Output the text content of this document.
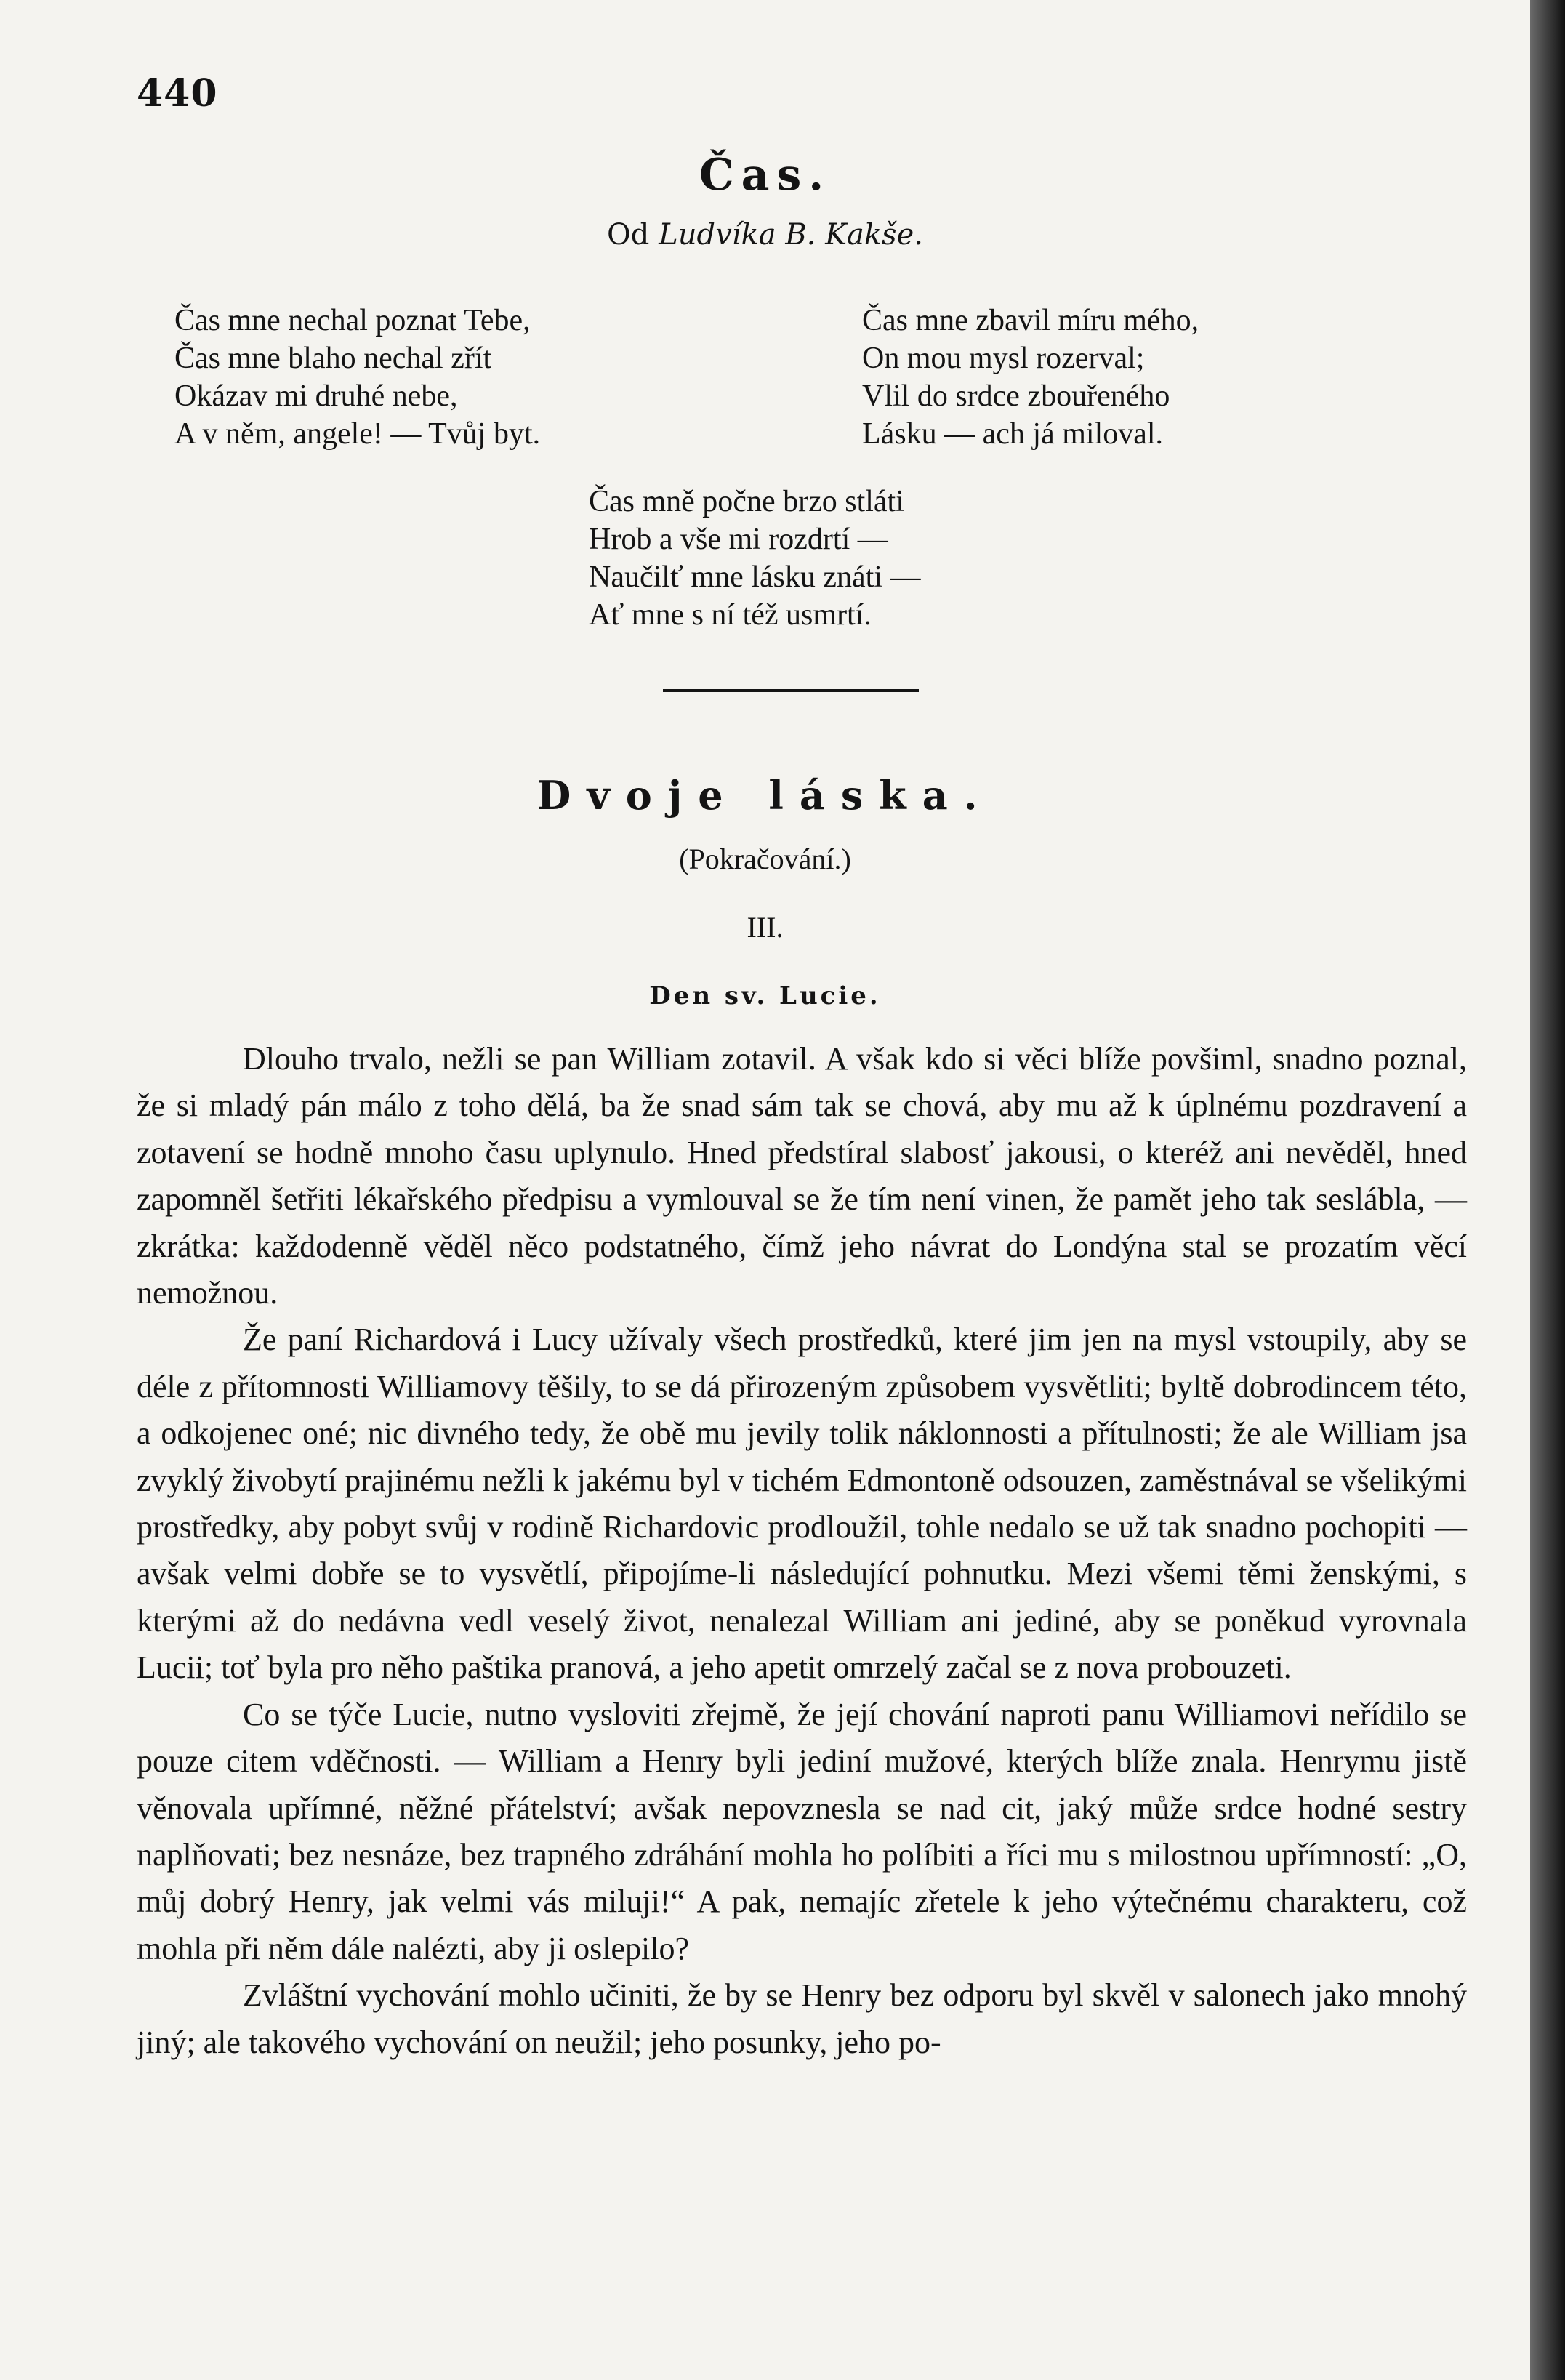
440
Čas.
Od Ludvíka B. Kakše.
Čas mne nechal poznat Tebe,
Čas mne blaho nechal zřít
Okázav mi druhé nebe,
A v něm, angele! — Tvůj byt.
Čas mne zbavil míru mého,
On mou mysl rozerval;
Vlil do srdce zbouřeného
Lásku — ach já miloval.
Čas mně počne brzo stláti
Hrob a vše mi rozdrtí —
Naučilť mne lásku znáti —
Ať mne s ní též usmrtí.
Dvoje láska.
(Pokračování.)
III.
Den sv. Lucie.

Dlouho trvalo, nežli se pan William zotavil. A však kdo si věci blíže povšiml, snadno poznal, že si mladý pán málo z toho dělá, ba že snad sám tak se chová, aby mu až k úplnému pozdravení a zotavení se hodně mnoho času uplynulo. Hned předstíral slabosť jakousi, o kteréž ani nevěděl, hned zapomněl šetřiti lékařského předpisu a vymlouval se že tím není vinen, že pamět jeho tak seslábla, — zkrátka: každodenně věděl něco podstatného, čímž jeho návrat do Londýna stal se prozatím věcí nemožnou.

Že paní Richardová i Lucy užívaly všech prostředků, které jim jen na mysl vstoupily, aby se déle z přítomnosti Williamovy těšily, to se dá přirozeným způsobem vysvětliti; byltě dobrodincem této, a odkojenec oné; nic divného tedy, že obě mu jevily tolik náklonnosti a přítulnosti; že ale William jsa zvyklý živobytí prajinému nežli k jakému byl v tichém Edmontoně odsouzen, zaměstnával se všelikými prostředky, aby pobyt svůj v rodině Richardovic prodloužil, tohle nedalo se už tak snadno pochopiti — avšak velmi dobře se to vysvětlí, připojíme-li následující pohnutku. Mezi všemi těmi ženskými, s kterými až do nedávna vedl veselý život, nenalezal William ani jediné, aby se poněkud vyrovnala Lucii; toť byla pro něho paštika pranová, a jeho apetit omrzelý začal se z nova probouzeti.

Co se týče Lucie, nutno vysloviti zřejmě, že její chování naproti panu Williamovi neřídilo se pouze citem vděčnosti. — William a Henry byli jediní mužové, kterých blíže znala. Henrymu jistě věnovala upřímné, něžné přátelství; avšak nepovznesla se nad cit, jaký může srdce hodné sestry naplňovati; bez nesnáze, bez trapného zdráhání mohla ho políbiti a říci mu s milostnou upřímností: „O, můj dobrý Henry, jak velmi vás miluji!“ A pak, nemajíc zřetele k jeho výtečnému charakteru, což mohla při něm dále nalézti, aby ji oslepilo?

Zvláštní vychování mohlo učiniti, že by se Henry bez odporu byl skvěl v salonech jako mnohý jiný; ale takového vychování on neužil; jeho posunky, jeho po-
